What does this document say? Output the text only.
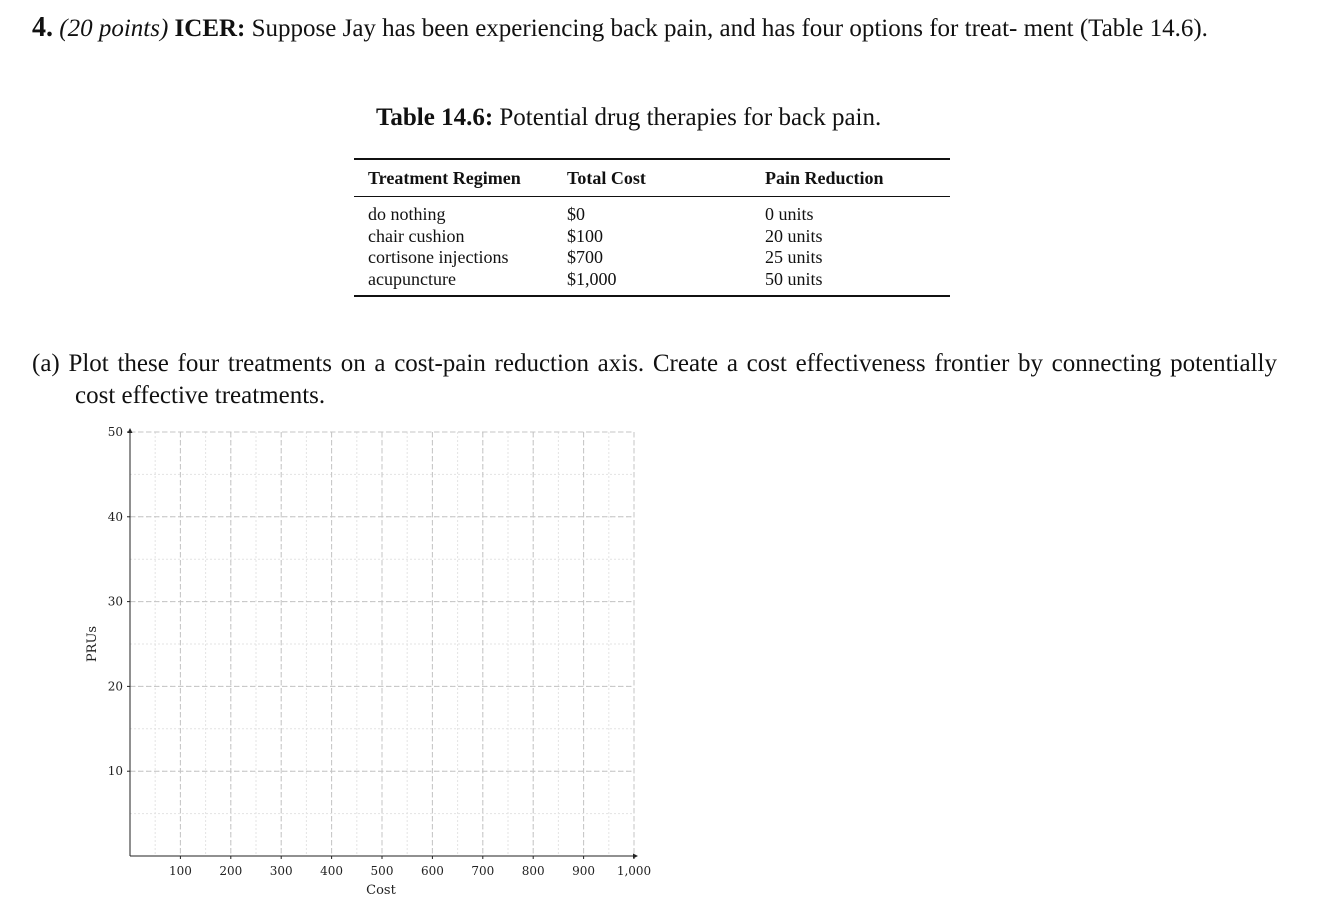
4. (20 points) ICER: Suppose Jay has been experiencing back pain, and has four options for treat- ment (Table 14.6).
Table 14.6: Potential drug therapies for back pain.
Treatment Regimen	Total Cost	Pain Reduction
do nothing	$0	0 units
chair cushion	$100	20 units
cortisone injections	$700	25 units
acupuncture	$1,000	50 units
(a) Plot these four treatments on a cost-pain reduction axis. Create a cost effectiveness frontier by connecting potentially cost effective treatments.
100 200 300 400 500 600 700 800 900 1,000
10
20
30
40
50
Cost
PRUs
